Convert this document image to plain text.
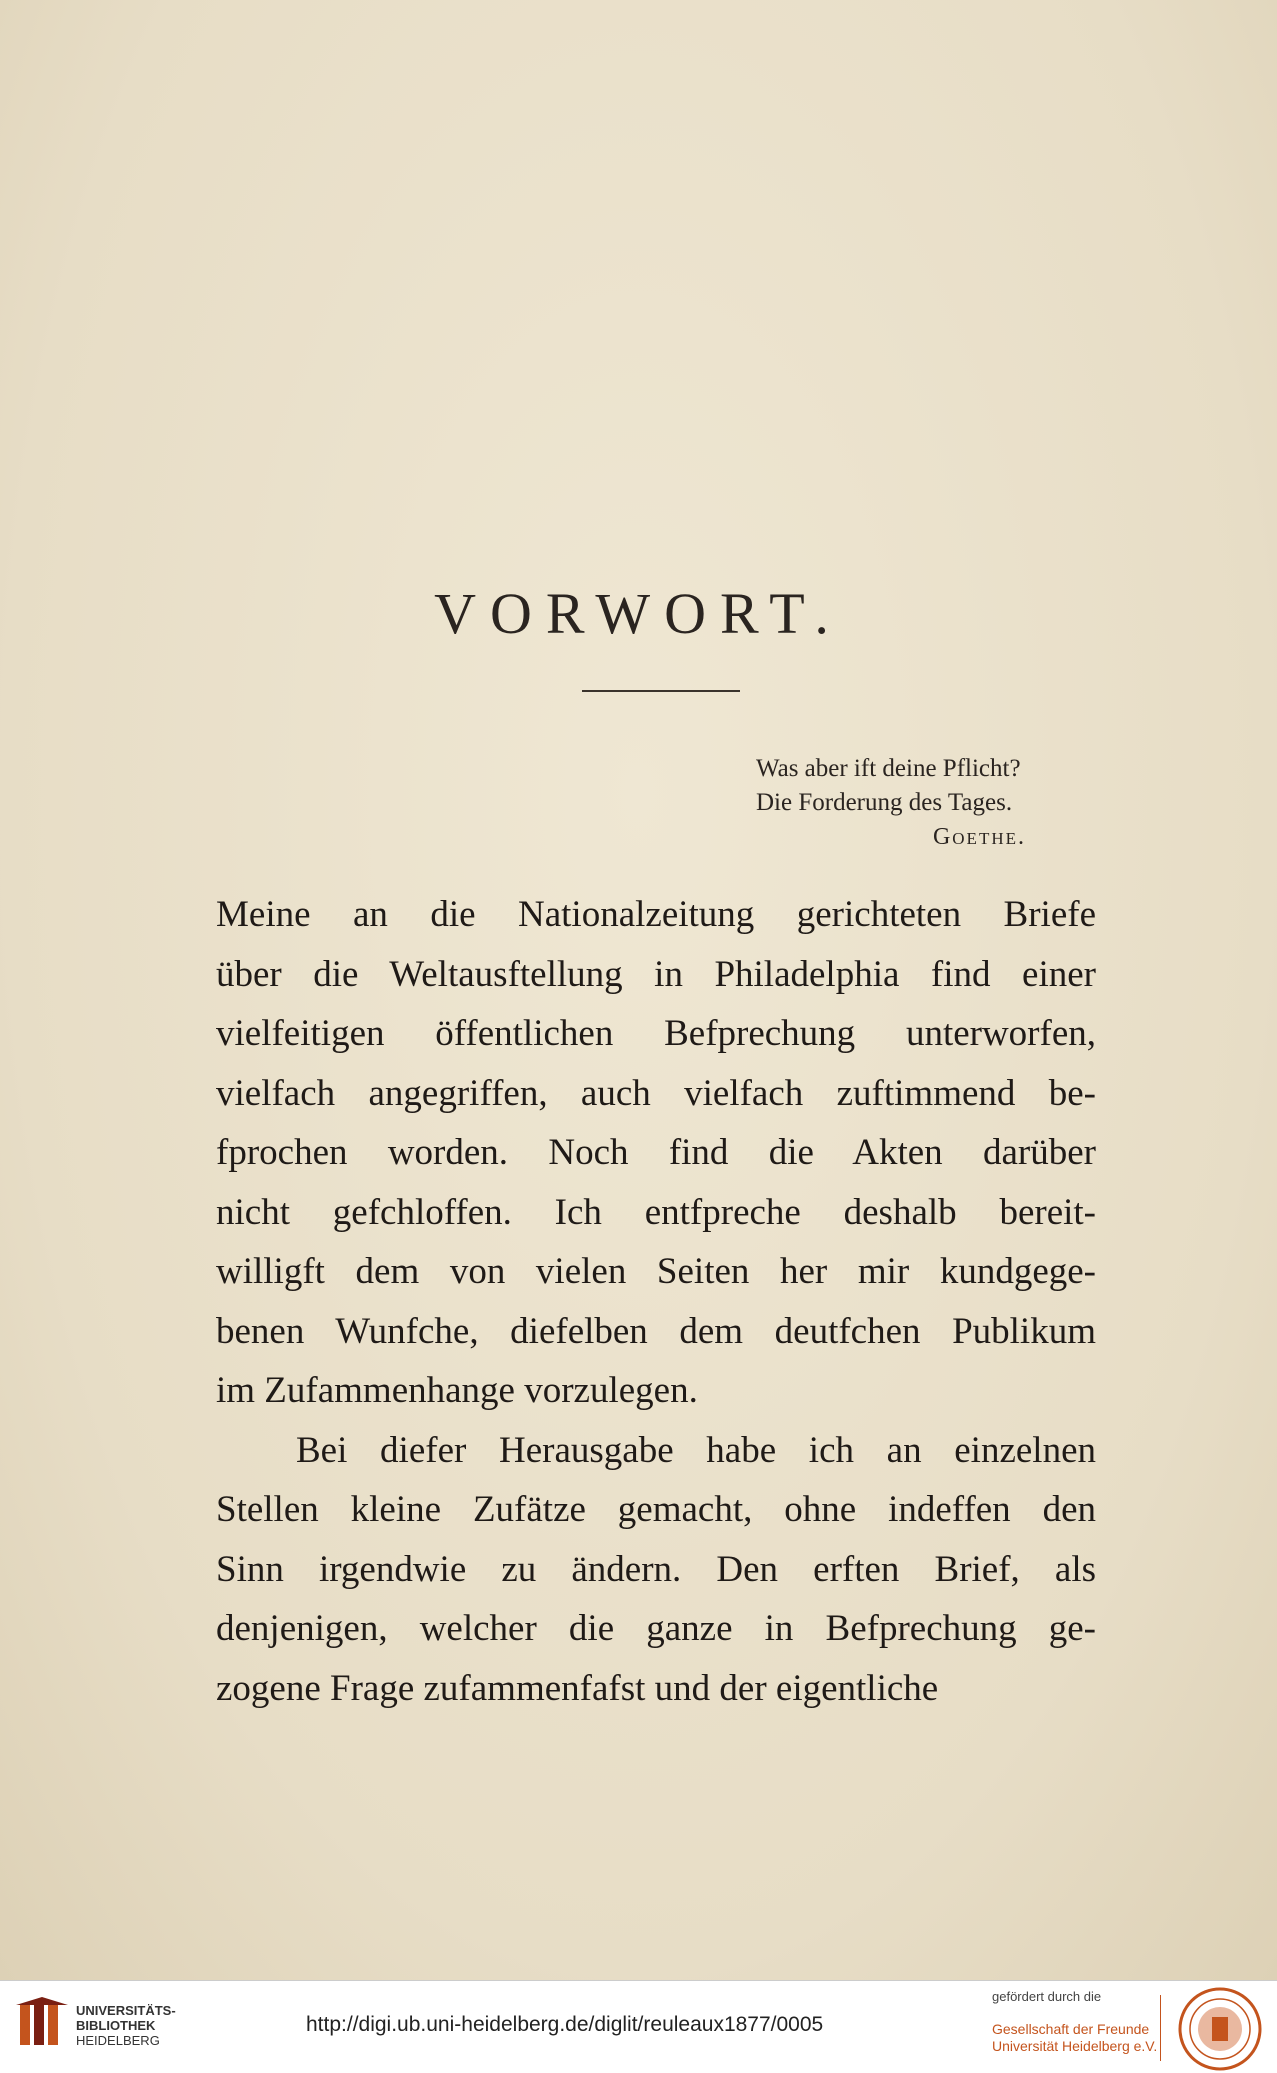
VORWORT.
Was aber ift deine Pflicht?
Die Forderung des Tages.
Goethe.
Meine an die Nationalzeitung gerichteten Briefe
über die Weltausftellung in Philadelphia find einer
vielfeitigen öffentlichen Befprechung unterworfen,
vielfach angegriffen, auch vielfach zuftimmend be-
fprochen worden. Noch find die Akten darüber
nicht gefchloffen. Ich entfpreche deshalb bereit-
willigft dem von vielen Seiten her mir kundgege-
benen Wunfche, diefelben dem deutfchen Publikum
im Zufammenhange vorzulegen.
Bei diefer Herausgabe habe ich an einzelnen
Stellen kleine Zufätze gemacht, ohne indeffen den
Sinn irgendwie zu ändern. Den erften Brief, als
denjenigen, welcher die ganze in Befprechung ge-
zogene Frage zufammenfafst und der eigentliche
UNIVERSITÄTS-
BIBLIOTHEK
HEIDELBERG
http://digi.ub.uni-heidelberg.de/diglit/reuleaux1877/0005
gefördert durch die
Gesellschaft der Freunde
Universität Heidelberg e.V.
